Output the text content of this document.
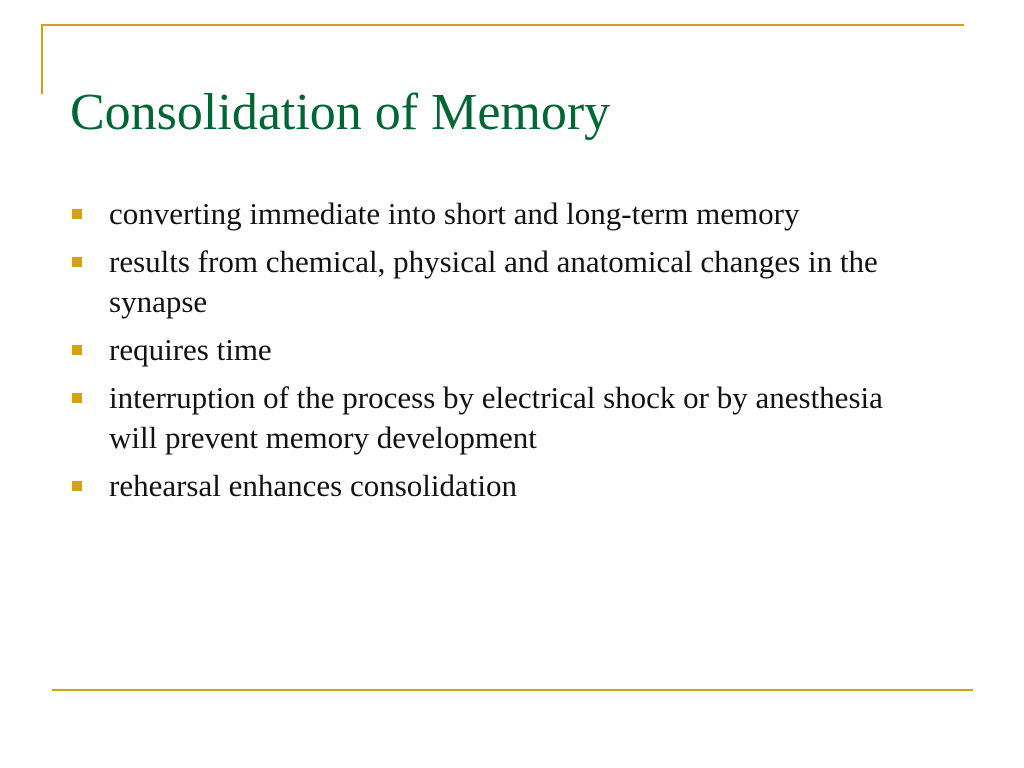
Consolidation of Memory
converting immediate into short and long-term memory
results from chemical, physical and anatomical changes in the synapse
requires time
interruption of the process by electrical shock or by anesthesia will prevent memory development
rehearsal enhances consolidation
